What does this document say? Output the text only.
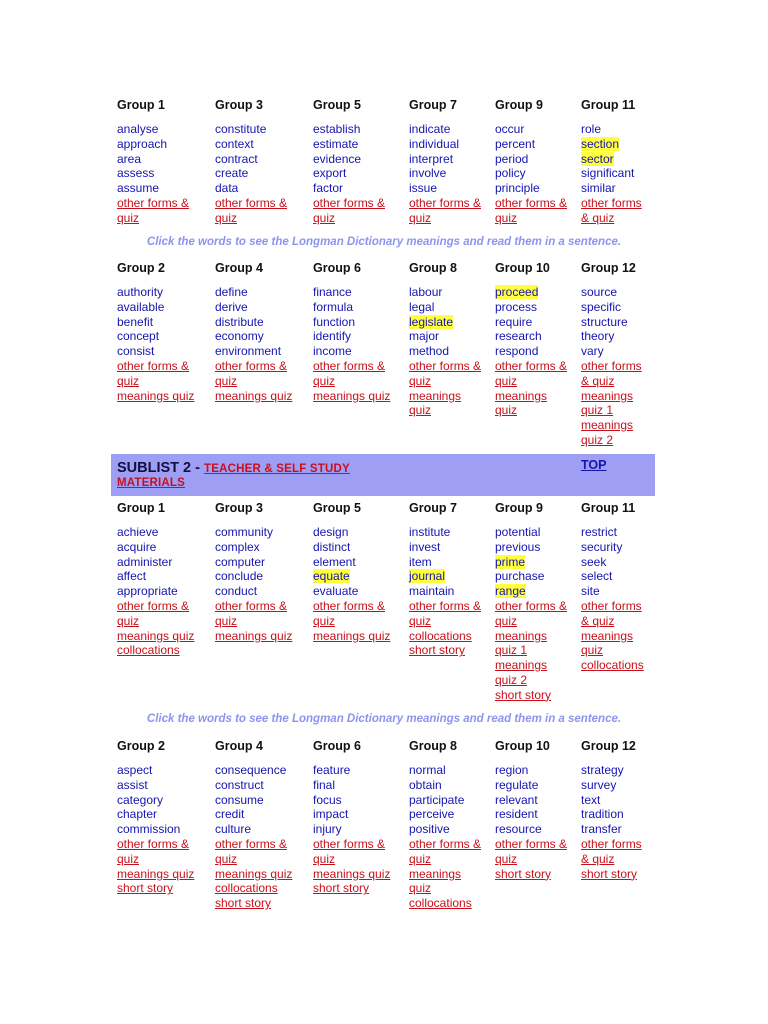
Group 1
analyse
approach
area
assess
assume
other forms &
quiz
Group 3
constitute
context
contract
create
data
other forms &
quiz
Group 5
establish
estimate
evidence
export
factor
other forms &
quiz
Group 7
indicate
individual
interpret
involve
issue
other forms &
quiz
Group 9
occur
percent
period
policy
principle
other forms &
quiz
Group 11
role
section
sector
significant
similar
other forms
& quiz
Click the words to see the Longman Dictionary meanings and read them in a sentence.
Group 2
authority
available
benefit
concept
consist
other forms &
quiz
meanings quiz
Group 4
define
derive
distribute
economy
environment
other forms &
quiz
meanings quiz
Group 6
finance
formula
function
identify
income
other forms &
quiz
meanings quiz
Group 8
labour
legal
legislate
major
method
other forms &
quiz
meanings
quiz
Group 10
proceed
process
require
research
respond
other forms &
quiz
meanings
quiz
Group 12
source
specific
structure
theory
vary
other forms
& quiz
meanings
quiz 1
meanings
quiz 2
SUBLIST 2 - TEACHER & SELF STUDY
MATERIALS
TOP
Group 1
achieve
acquire
administer
affect
appropriate
other forms &
quiz
meanings quiz
collocations
Group 3
community
complex
computer
conclude
conduct
other forms &
quiz
meanings quiz
Group 5
design
distinct
element
equate
evaluate
other forms &
quiz
meanings quiz
Group 7
institute
invest
item
journal
maintain
other forms &
quiz
collocations
short story
Group 9
potential
previous
prime
purchase
range
other forms &
quiz
meanings
quiz 1
meanings
quiz 2
short story
Group 11
restrict
security
seek
select
site
other forms
& quiz
meanings
quiz
collocations
Click the words to see the Longman Dictionary meanings and read them in a sentence.
Group 2
aspect
assist
category
chapter
commission
other forms &
quiz
meanings quiz
short story
Group 4
consequence
construct
consume
credit
culture
other forms &
quiz
meanings quiz
collocations
short story
Group 6
feature
final
focus
impact
injury
other forms &
quiz
meanings quiz
short story
Group 8
normal
obtain
participate
perceive
positive
other forms &
quiz
meanings
quiz
collocations
Group 10
region
regulate
relevant
resident
resource
other forms &
quiz
short story
Group 12
strategy
survey
text
tradition
transfer
other forms
& quiz
short story
